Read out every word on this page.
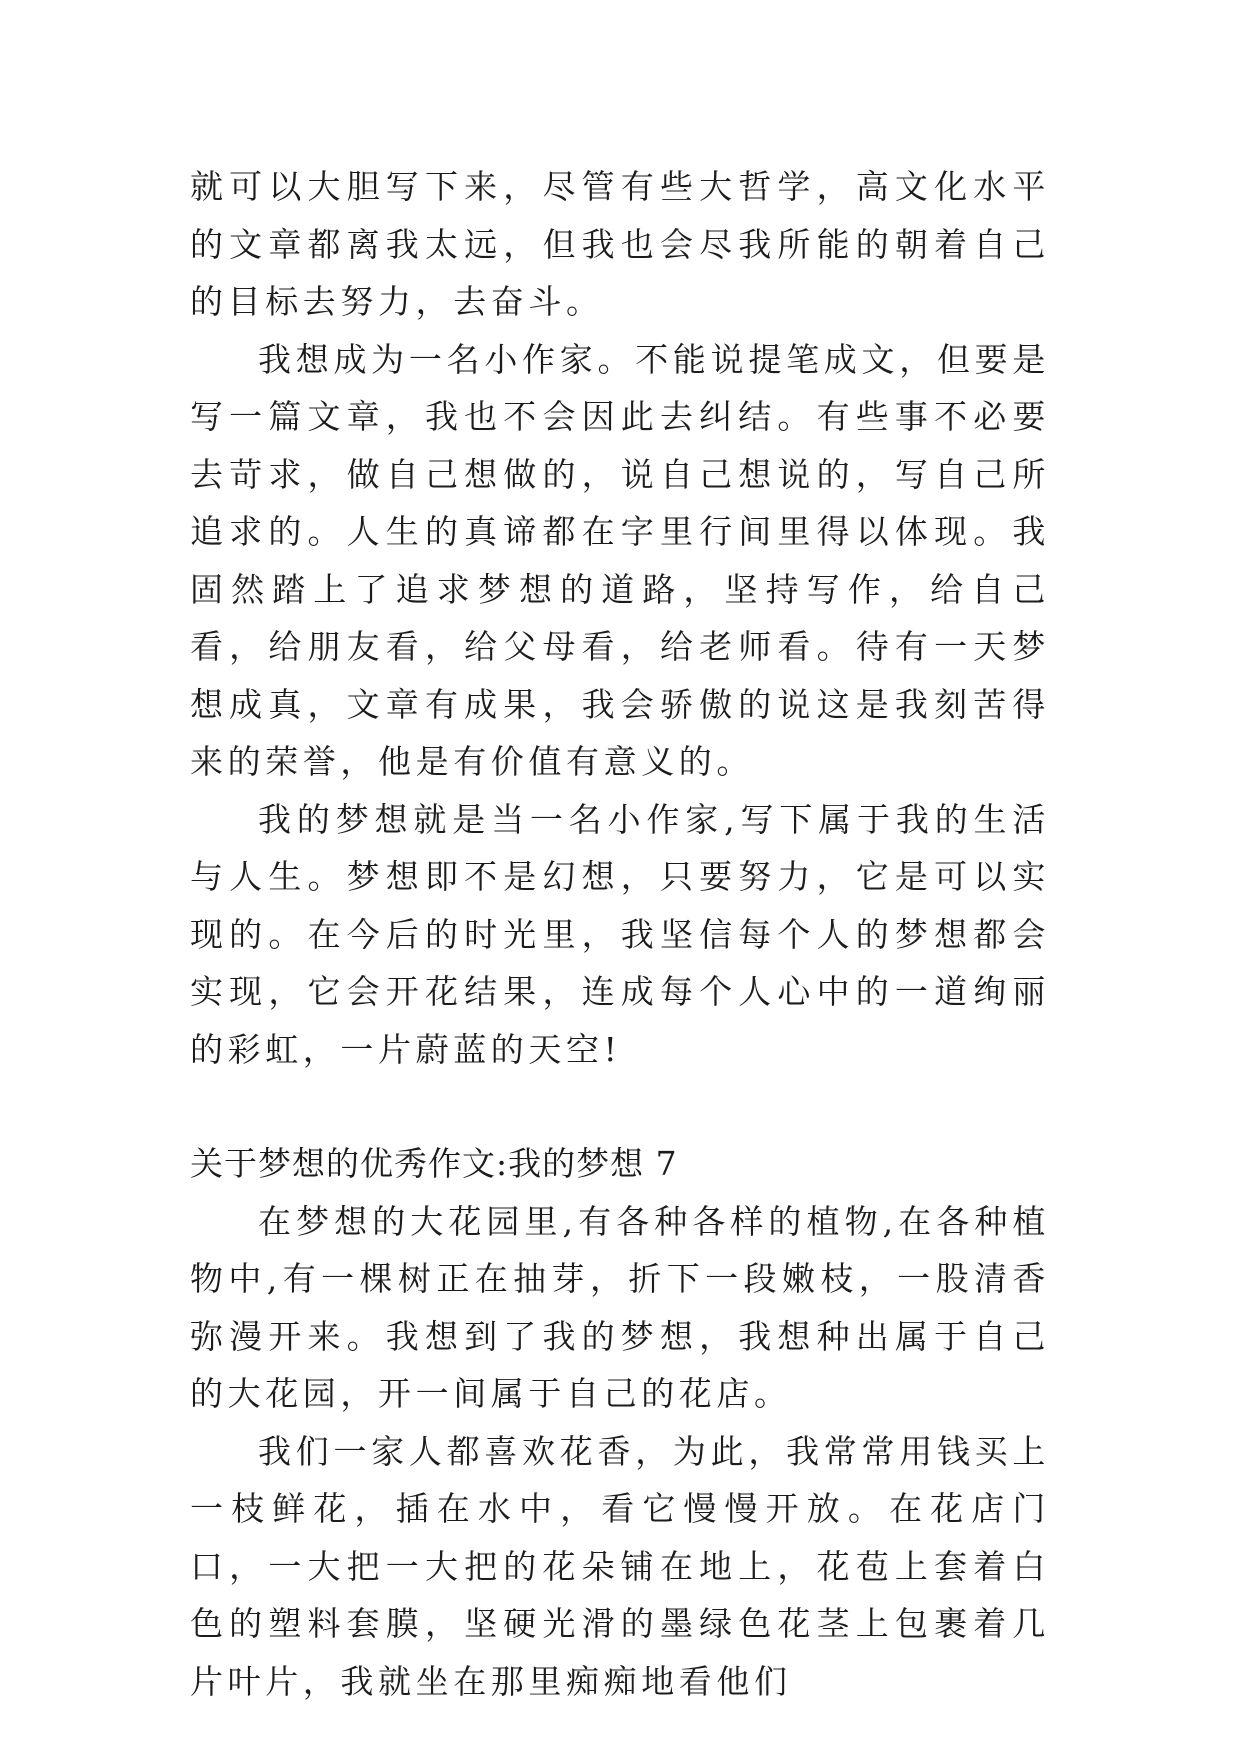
就可以大胆写下来，尽管有些大哲学，高文化水平的文章都离我太远，但我也会尽我所能的朝着自己的目标去努力，去奋斗。

我想成为一名小作家。不能说提笔成文，但要是写一篇文章，我也不会因此去纠结。有些事不必要去苛求，做自己想做的，说自己想说的，写自己所追求的。人生的真谛都在字里行间里得以体现。我固然踏上了追求梦想的道路，坚持写作，给自己看，给朋友看，给父母看，给老师看。待有一天梦想成真，文章有成果，我会骄傲的说这是我刻苦得来的荣誉，他是有价值有意义的。

我的梦想就是当一名小作家,写下属于我的生活与人生。梦想即不是幻想，只要努力，它是可以实现的。在今后的时光里，我坚信每个人的梦想都会实现，它会开花结果，连成每个人心中的一道绚丽的彩虹，一片蔚蓝的天空!

关于梦想的优秀作文:我的梦想 7

在梦想的大花园里,有各种各样的植物,在各种植物中,有一棵树正在抽芽，折下一段嫩枝，一股清香弥漫开来。我想到了我的梦想，我想种出属于自己的大花园，开一间属于自己的花店。

我们一家人都喜欢花香，为此，我常常用钱买上一枝鲜花，插在水中，看它慢慢开放。在花店门口，一大把一大把的花朵铺在地上，花苞上套着白色的塑料套膜，坚硬光滑的墨绿色花茎上包裹着几片叶片，我就坐在那里痴痴地看他们
